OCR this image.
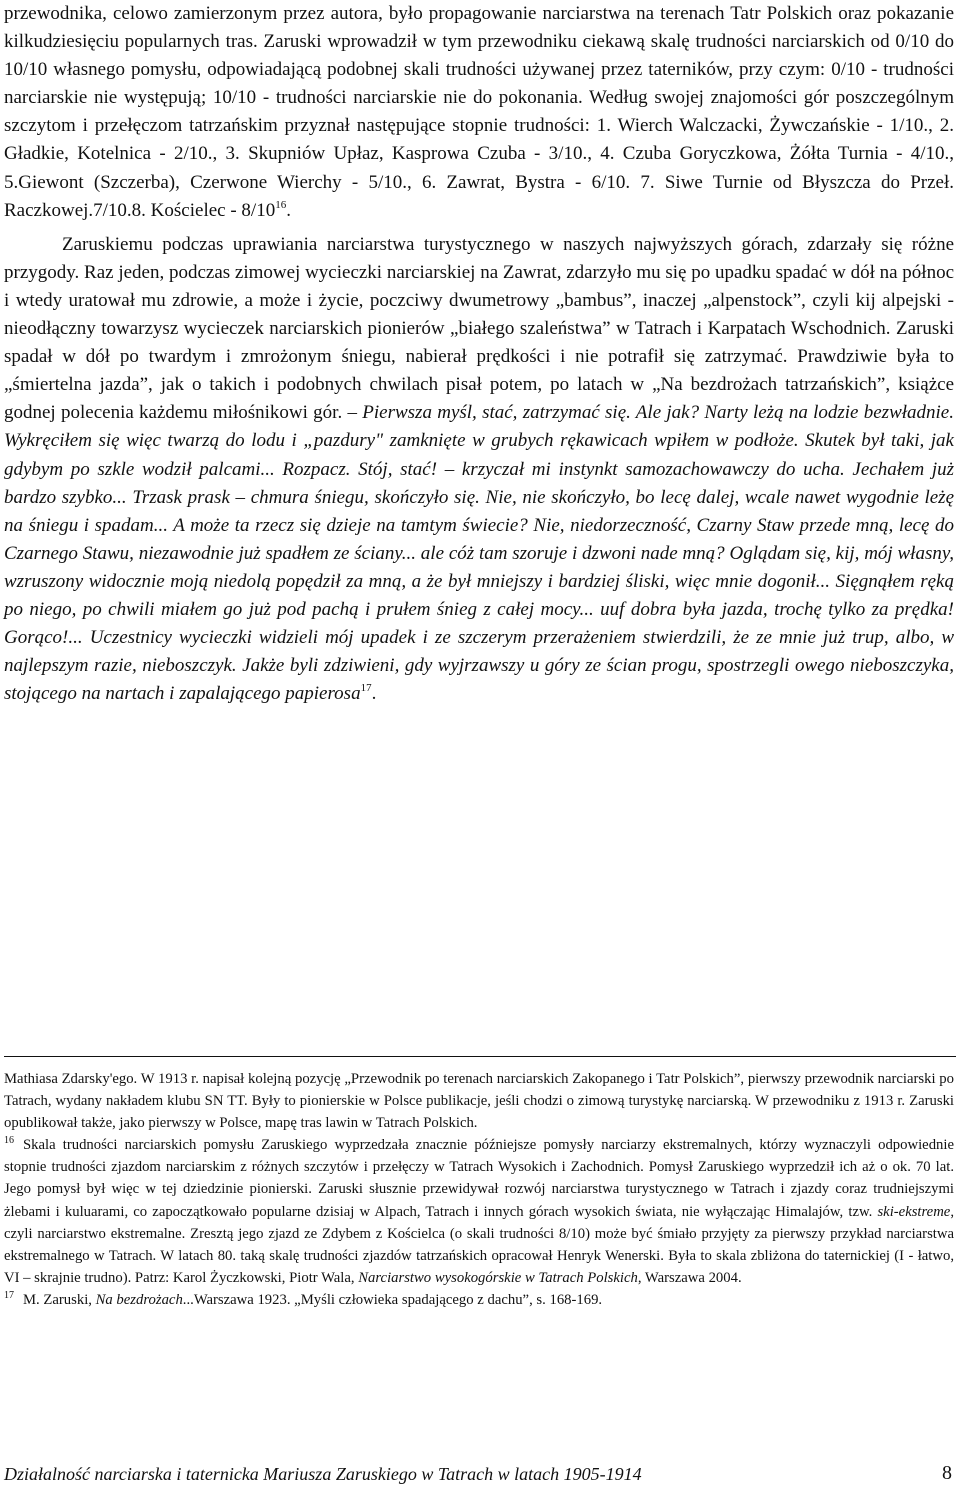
przewodnika, celowo zamierzonym przez autora, było propagowanie narciarstwa na terenach Tatr Polskich oraz pokazanie kilkudziesięciu popularnych tras. Zaruski wprowadził w tym przewodniku ciekawą skalę trudności narciarskich od 0/10 do 10/10 własnego pomysłu, odpowiadającą podobnej skali trudności używanej przez taterników, przy czym: 0/10 - trudności narciarskie nie występują; 10/10 - trudności narciarskie nie do pokonania. Według swojej znajomości gór poszczególnym szczytom i przełęczom tatrzańskim przyznał następujące stopnie trudności: 1. Wierch Walczacki, Żywczańskie - 1/10., 2. Gładkie, Kotelnica - 2/10., 3. Skupniów Upłaz, Kasprowa Czuba - 3/10., 4. Czuba Goryczkowa, Żółta Turnia - 4/10., 5.Giewont (Szczerba), Czerwone Wierchy - 5/10., 6. Zawrat, Bystra - 6/10. 7. Siwe Turnie od Błyszcza do Przeł. Raczkowej.7/10.8. Kościelec - $8/10^{16}$.

Zaruskiemu podczas uprawiania narciarstwa turystycznego w naszych najwyższych górach, zdarzały się różne przygody. Raz jeden, podczas zimowej wycieczki narciarskiej na Zawrat, zdarzyło mu się po upadku spadać w dół na północ i wtedy uratował mu zdrowie, a może i życie, poczciwy dwumetrowy „bambus”, inaczej „alpenstock”, czyli kij alpejski - nieodłączny towarzysz wycieczek narciarskich pionierów „białego szaleństwa” w Tatrach i Karpatach Wschodnich. Zaruski spadał w dół po twardym i zmrożonym śniegu, nabierał prędkości i nie potrafił się zatrzymać. Prawdziwie była to „śmiertelna jazda”, jak o takich i podobnych chwilach pisał potem, po latach w „Na bezdrożach tatrzańskich”, książce godnej polecenia każdemu miłośnikowi gór. – Pierwsza myśl, stać, zatrzymać się. Ale jak? Narty leżą na lodzie bezwładnie. Wykręciłem się więc twarzą do lodu i „pazdury" zamknięte w grubych rękawicach wpiłem w podłoże. Skutek był taki, jak gdybym po szkle wodził palcami... Rozpacz. Stój, stać! – krzyczał mi instynkt samozachowawczy do ucha. Jechałem już bardzo szybko... Trzask prask – chmura śniegu, skończyło się. Nie, nie skończyło, bo lecę dalej, wcale nawet wygodnie leżę na śniegu i spadam... A może ta rzecz się dzieje na tamtym świecie? Nie, niedorzeczność, Czarny Staw przede mną, lecę do Czarnego Stawu, niezawodnie już spadłem ze ściany... ale cóż tam szoruje i dzwoni nade mną? Oglądam się, kij, mój własny, wzruszony widocznie moją niedolą popędził za mną, a że był mniejszy i bardziej śliski, więc mnie dogonił... Sięgnąłem ręką po niego, po chwili miałem go już pod pachą i prułem śnieg z całej mocy... uuf dobra była jazda, trochę tylko za prędka! Gorąco!... Uczestnicy wycieczki widzieli mój upadek i ze szczerym przerażeniem stwierdzili, że ze mnie już trup, albo, w najlepszym razie, nieboszczyk. Jakże byli zdziwieni, gdy wyjrzawszy u góry ze ścian progu, spostrzegli owego nieboszczyka, stojącego na nartach i zapalającego papierosa$^{17}$.

Mathiasa Zdarsky'ego. W 1913 r. napisał kolejną pozycję „Przewodnik po terenach narciarskich Zakopanego i Tatr Polskich”, pierwszy przewodnik narciarski po Tatrach, wydany nakładem klubu SN TT. Były to pionierskie w Polsce publikacje, jeśli chodzi o zimową turystykę narciarską. W przewodniku z 1913 r. Zaruski opublikował także, jako pierwszy w Polsce, mapę tras lawin w Tatrach Polskich.

$^{16}$ Skala trudności narciarskich pomysłu Zaruskiego wyprzedzała znacznie późniejsze pomysły narciarzy ekstremalnych, którzy wyznaczyli odpowiednie stopnie trudności zjazdom narciarskim z różnych szczytów i przełęczy w Tatrach Wysokich i Zachodnich. Pomysł Zaruskiego wyprzedził ich aż o ok. 70 lat. Jego pomysł był więc w tej dziedzinie pionierski. Zaruski słusznie przewidywał rozwój narciarstwa turystycznego w Tatrach i zjazdy coraz trudniejszymi żlebami i kuluarami, co zapoczątkowało popularne dzisiaj w Alpach, Tatrach i innych górach wysokich świata, nie wyłączając Himalajów, tzw. ski-ekstreme, czyli narciarstwo ekstremalne. Zresztą jego zjazd ze Zdybem z Kościelca (o skali trudności 8/10) może być śmiało przyjęty za pierwszy przykład narciarstwa ekstremalnego w Tatrach. W latach 80. taką skalę trudności zjazdów tatrzańskich opracował Henryk Wenerski. Była to skala zbliżona do taternickiej (I - łatwo, VI – skrajnie trudno). Patrz: Karol Życzkowski, Piotr Wala, Narciarstwo wysokogórskie w Tatrach Polskich, Warszawa 2004.

$^{17}$ M. Zaruski, Na bezdrożach...Warszawa 1923. „Myśli człowieka spadającego z dachu”, s. 168-169.

Działalność narciarska i taternicka Mariusza Zaruskiego w Tatrach w latach 1905-1914	8
